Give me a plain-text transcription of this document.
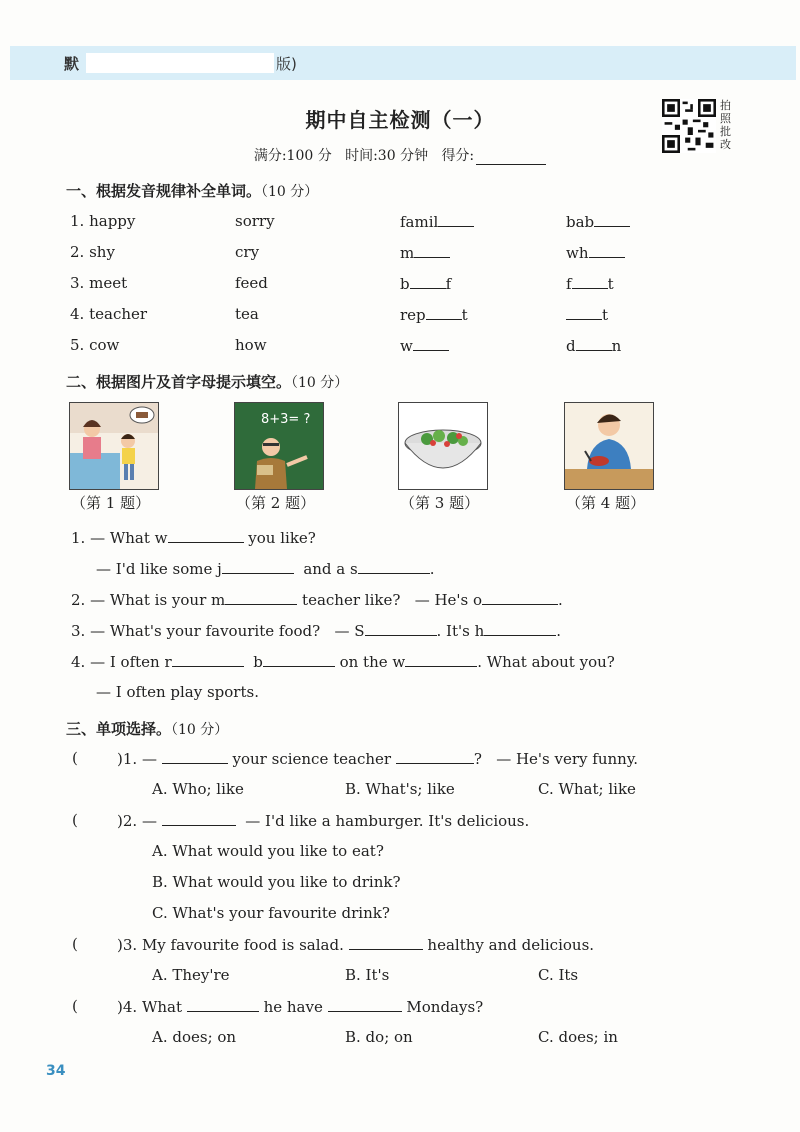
默	版)
期中自主检测（一）
满分:100 分 时间:30 分钟 得分:
拍照批改
一、根据发音规律补全单词。（10 分）
1. happy	sorry	famil	bab
2. shy	cry	m	wh
3. meet	feed	b f	f t
4. teacher	tea	rep t	t
5. cow	how	w	d n
二、根据图片及首字母提示填空。（10 分）
8+3= ?
（第 1 题）	（第 2 题）	（第 3 题）	（第 4 题）
1. — What w	you like?
— I'd like some j	and a s	.
2. — What is your m	teacher like? — He's o	.
3. — What's your favourite food? — S	. It's h	.
4. — I often r	b	on the w	. What about you?
— I often play sports.
三、单项选择。（10 分）
(	)1. —	your science teacher	? — He's very funny.
A. Who; like	B. What's; like	C. What; like
(	)2. —	— I'd like a hamburger. It's delicious.
A. What would you like to eat?
B. What would you like to drink?
C. What's your favourite drink?
(	)3. My favourite food is salad.	healthy and delicious.
A. They're	B. It's	C. Its
(	)4. What	he have	Mondays?
A. does; on	B. do; on	C. does; in
34
